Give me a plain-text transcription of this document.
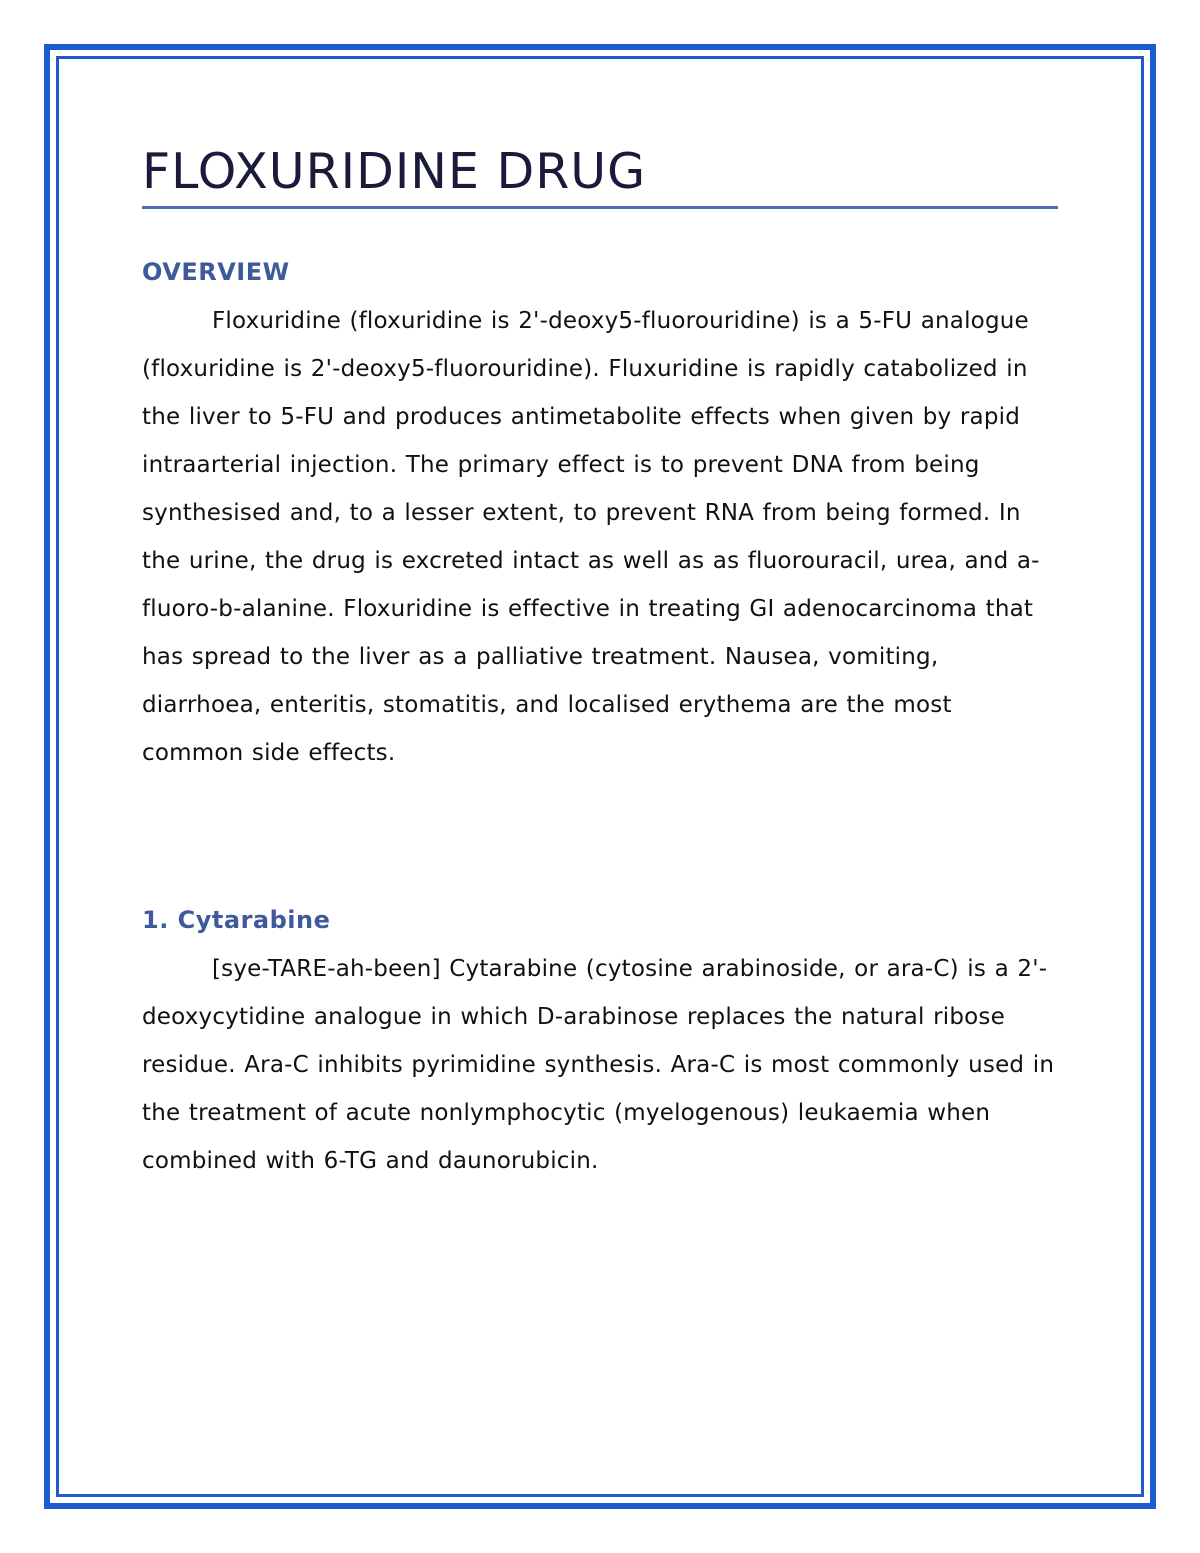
FLOXURIDINE DRUG
OVERVIEW

Floxuridine (floxuridine is 2'-deoxy5-fluorouridine) is a 5-FU analogue (floxuridine is 2'-deoxy5-fluorouridine). Fluxuridine is rapidly catabolized in the liver to 5-FU and produces antimetabolite effects when given by rapid intraarterial injection. The primary effect is to prevent DNA from being synthesised and, to a lesser extent, to prevent RNA from being formed. In the urine, the drug is excreted intact as well as as fluorouracil, urea, and a-fluoro-b-alanine. Floxuridine is effective in treating GI adenocarcinoma that has spread to the liver as a palliative treatment. Nausea, vomiting, diarrhoea, enteritis, stomatitis, and localised erythema are the most common side effects.

1. Cytarabine

[sye-TARE-ah-been] Cytarabine (cytosine arabinoside, or ara-C) is a 2'-deoxycytidine analogue in which D-arabinose replaces the natural ribose residue. Ara-C inhibits pyrimidine synthesis. Ara-C is most commonly used in the treatment of acute nonlymphocytic (myelogenous) leukaemia when combined with 6-TG and daunorubicin.
